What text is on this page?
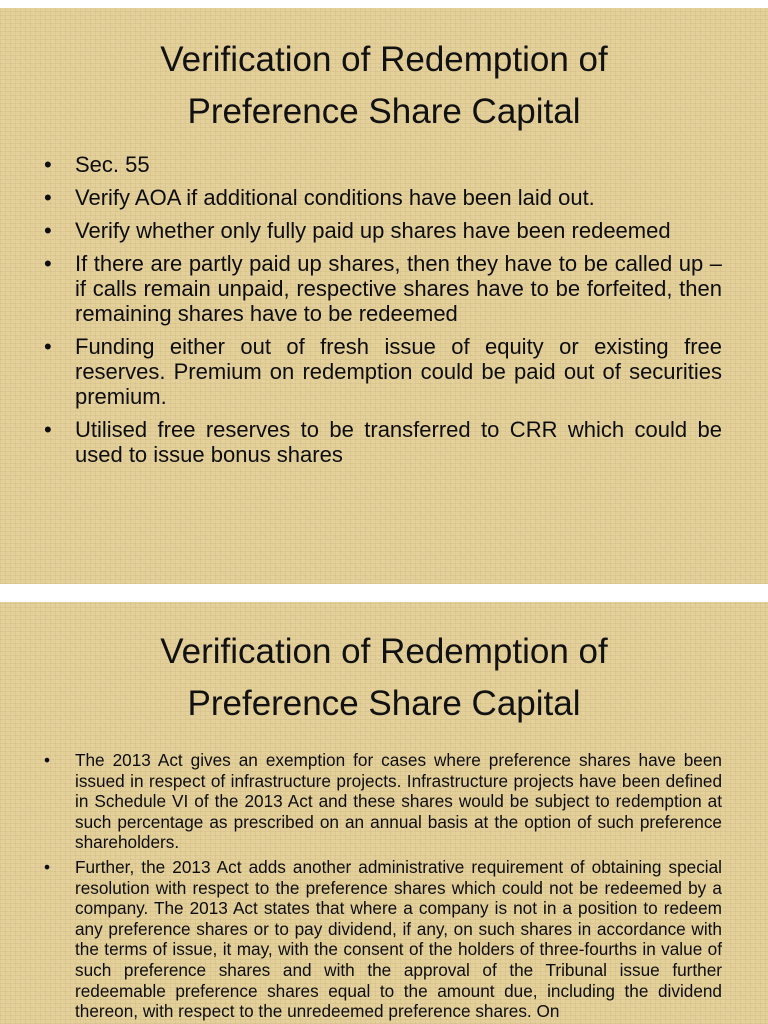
Verification of Redemption of
Preference Share Capital
• Sec. 55
• Verify AOA if additional conditions have been laid out.
• Verify whether only fully paid up shares have been redeemed
• If there are partly paid up shares, then they have to be called up – if calls remain unpaid, respective shares have to be forfeited, then remaining shares have to be redeemed
• Funding either out of fresh issue of equity or existing free reserves. Premium on redemption could be paid out of securities premium.
• Utilised free reserves to be transferred to CRR which could be used to issue bonus shares
Verification of Redemption of
Preference Share Capital
• The 2013 Act gives an exemption for cases where preference shares have been issued in respect of infrastructure projects. Infrastructure projects have been defined in Schedule VI of the 2013 Act and these shares would be subject to redemption at such percentage as prescribed on an annual basis at the option of such preference shareholders.
• Further, the 2013 Act adds another administrative requirement of obtaining special resolution with respect to the preference shares which could not be redeemed by a company. The 2013 Act states that where a company is not in a position to redeem any preference shares or to pay dividend, if any, on such shares in accordance with the terms of issue, it may, with the consent of the holders of three-fourths in value of such preference shares and with the approval of the Tribunal issue further redeemable preference shares equal to the amount due, including the dividend thereon, with respect to the unredeemed preference shares. On
